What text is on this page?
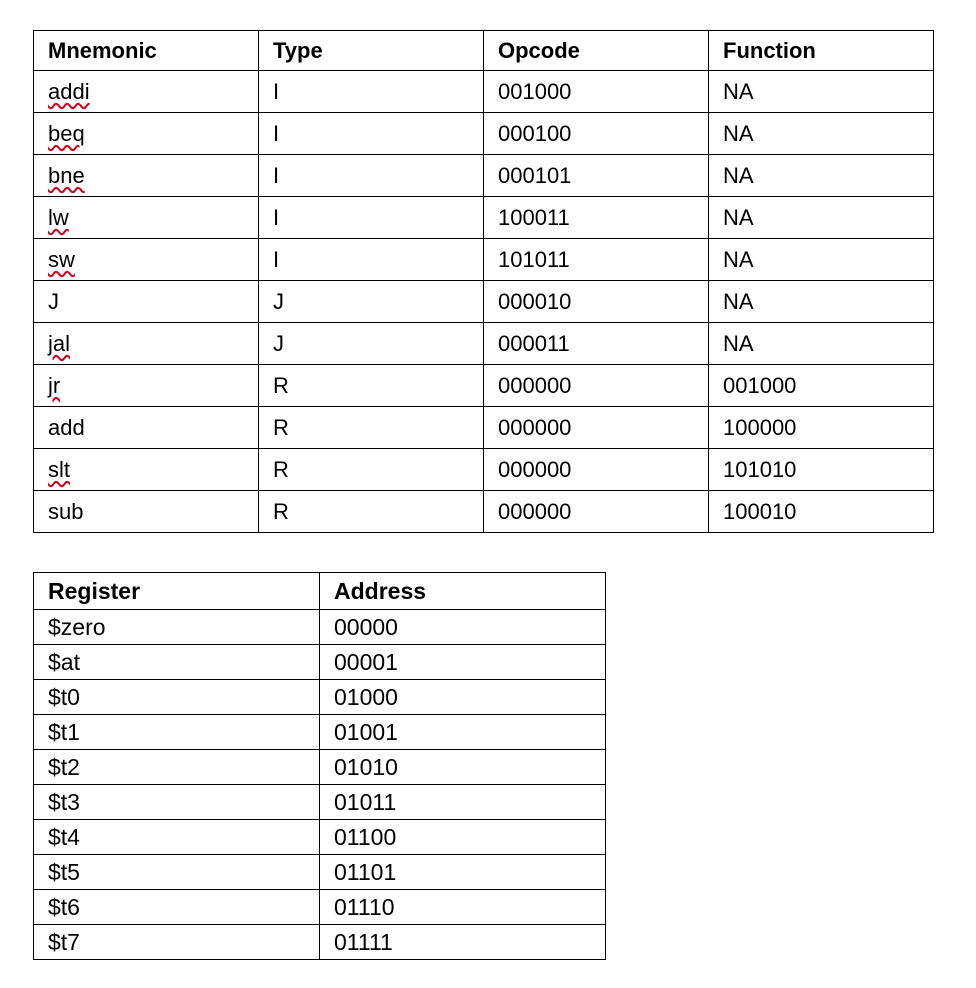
Mnemonic	Type	Opcode	Function
addi	I	001000	NA
beq	I	000100	NA
bne	I	000101	NA
lw	I	100011	NA
sw	I	101011	NA
J	J	000010	NA
jal	J	000011	NA
jr	R	000000	001000
add	R	000000	100000
slt	R	000000	101010
sub	R	000000	100010
Register	Address
$zero	00000
$at	00001
$t0	01000
$t1	01001
$t2	01010
$t3	01011
$t4	01100
$t5	01101
$t6	01110
$t7	01111
